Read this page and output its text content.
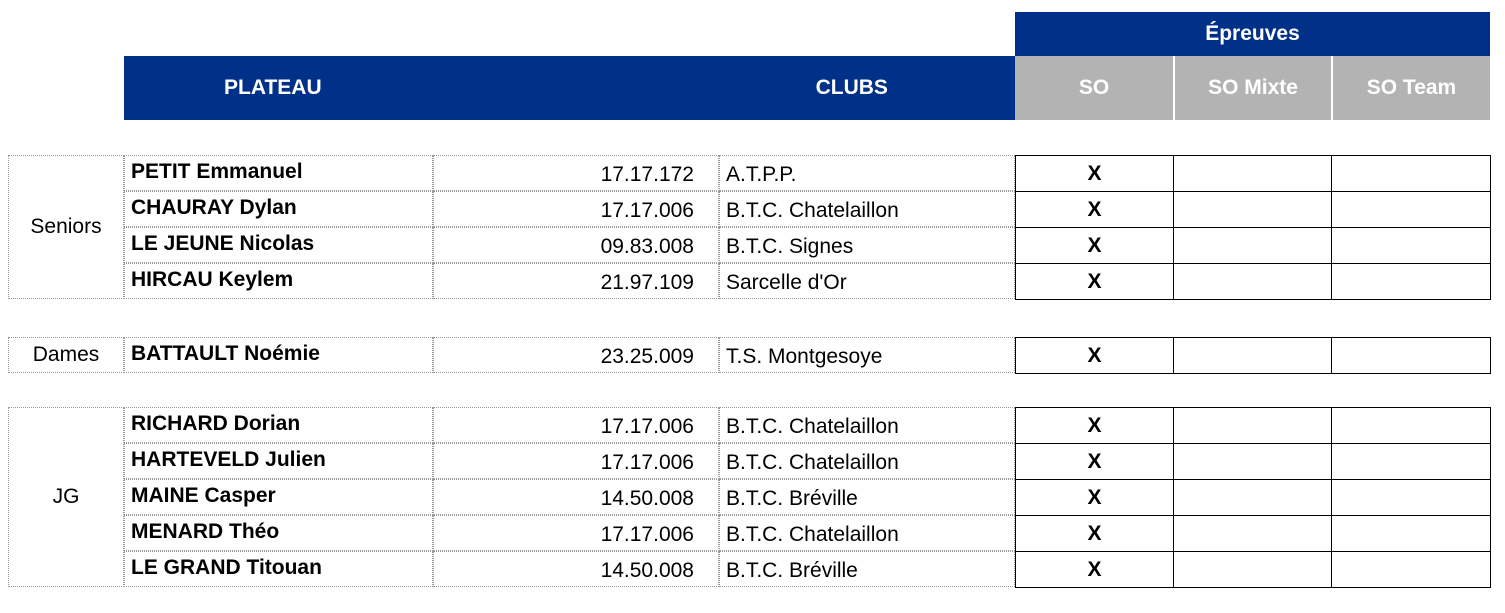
Épreuves
PLATEAU	CLUBS	SO	SO Mixte	SO Team
Seniors
PETIT Emmanuel	17.17.172	A.T.P.P.	X
CHAURAY Dylan	17.17.006	B.T.C. Chatelaillon	X
LE JEUNE Nicolas	09.83.008	B.T.C. Signes	X
HIRCAU Keylem	21.97.109	Sarcelle d'Or	X
Dames	BATTAULT Noémie	23.25.009	T.S. Montgesoye	X
JG
RICHARD Dorian	17.17.006	B.T.C. Chatelaillon	X
HARTEVELD Julien	17.17.006	B.T.C. Chatelaillon	X
MAINE Casper	14.50.008	B.T.C. Bréville	X
MENARD Théo	17.17.006	B.T.C. Chatelaillon	X
LE GRAND Titouan	14.50.008	B.T.C. Bréville	X
